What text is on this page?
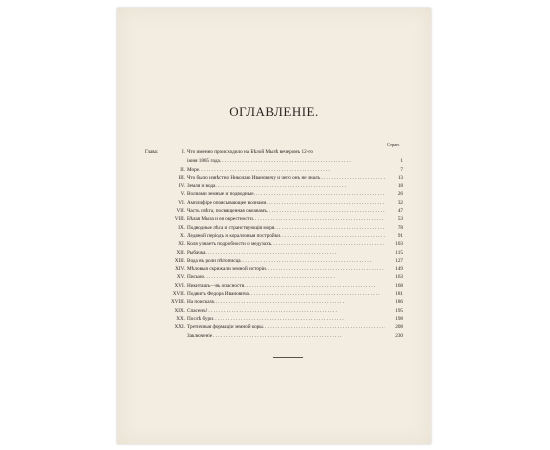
ОГЛАВЛЕНІЕ.
Стран.
Глава:	I. Что именно происходило на Бѣлой Мызѣ вечеромъ 12-го
іюня 1885 года. . . .	1
II. Море. . . .	7
III. Что было извѣстно Николаю Ивановичу и чего онъ не зналъ . . .	13
IV. Земля и вода. . . .	18
V. Волнами земные и подводные. . . .	26
VI. Амплифіре опоясывающее волнами. . . .	32
VII. Часть свѣта, посвященная океанамъ. . . .	47
VIII. Бѣлая Мыза и ея окрестности. . . .	53
IX. Подводные лѣса и странствующія моря. . . .	78
X. Ледяной періодъ и коралловыя постройки. . . .	91
XI. Коля узнаетъ подробности о медузахъ. . . .	103
XII. Рыбачка. . . .	115
XIII. Вода въ роли пѣтописца. . . .	127
XIV. Мѣловыя скрижали земной исторіи. . . .	149
XV. Письмо. . . .	163
XVI. Никиташъ—въ опасности. . . .	168
XVII. Подвигъ Федора Ивановича. . . .	181
XVIII. На поискахъ . . .	186
XIX. Спасенъ! . . .	195
XX. Послѣ бури. . . .	198
XXI. Третичныя формаціи земной коры. . . .	208
Заключеніе . . .	230
